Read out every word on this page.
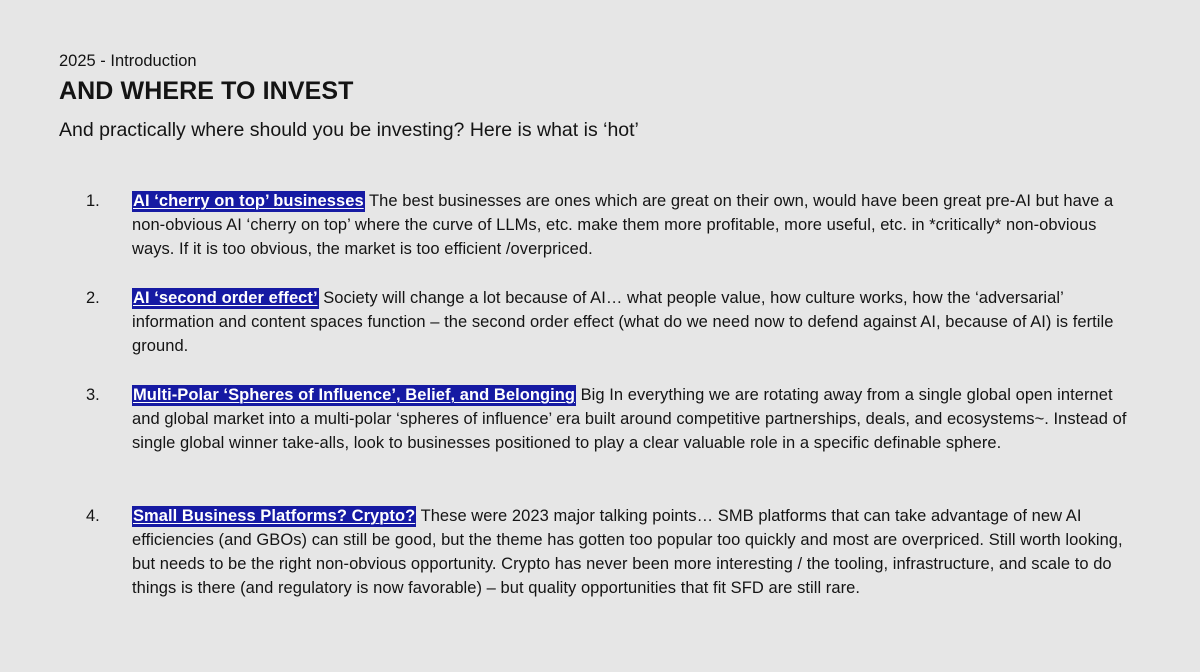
2025 - Introduction
AND WHERE TO INVEST
And practically where should you be investing? Here is what is ‘hot’
1. AI ‘cherry on top’ businesses The best businesses are ones which are great on their own, would have been great pre-AI but have a non-obvious AI ‘cherry on top’ where the curve of LLMs, etc. make them more profitable, more useful, etc. in *critically* non-obvious ways. If it is too obvious, the market is too efficient /overpriced.
2. AI ‘second order effect’ Society will change a lot because of AI… what people value, how culture works, how the ‘adversarial’ information and content spaces function – the second order effect (what do we need now to defend against AI, because of AI) is fertile ground.
3. Multi-Polar ‘Spheres of Influence’, Belief, and Belonging Big In everything we are rotating away from a single global open internet and global market into a multi-polar ‘spheres of influence’ era built around competitive partnerships, deals, and ecosystems~. Instead of single global winner take-alls, look to businesses positioned to play a clear valuable role in a specific definable sphere.
4. Small Business Platforms? Crypto? These were 2023 major talking points… SMB platforms that can take advantage of new AI efficiencies (and GBOs) can still be good, but the theme has gotten too popular too quickly and most are overpriced. Still worth looking, but needs to be the right non-obvious opportunity. Crypto has never been more interesting / the tooling, infrastructure, and scale to do things is there (and regulatory is now favorable) – but quality opportunities that fit SFD are still rare.
